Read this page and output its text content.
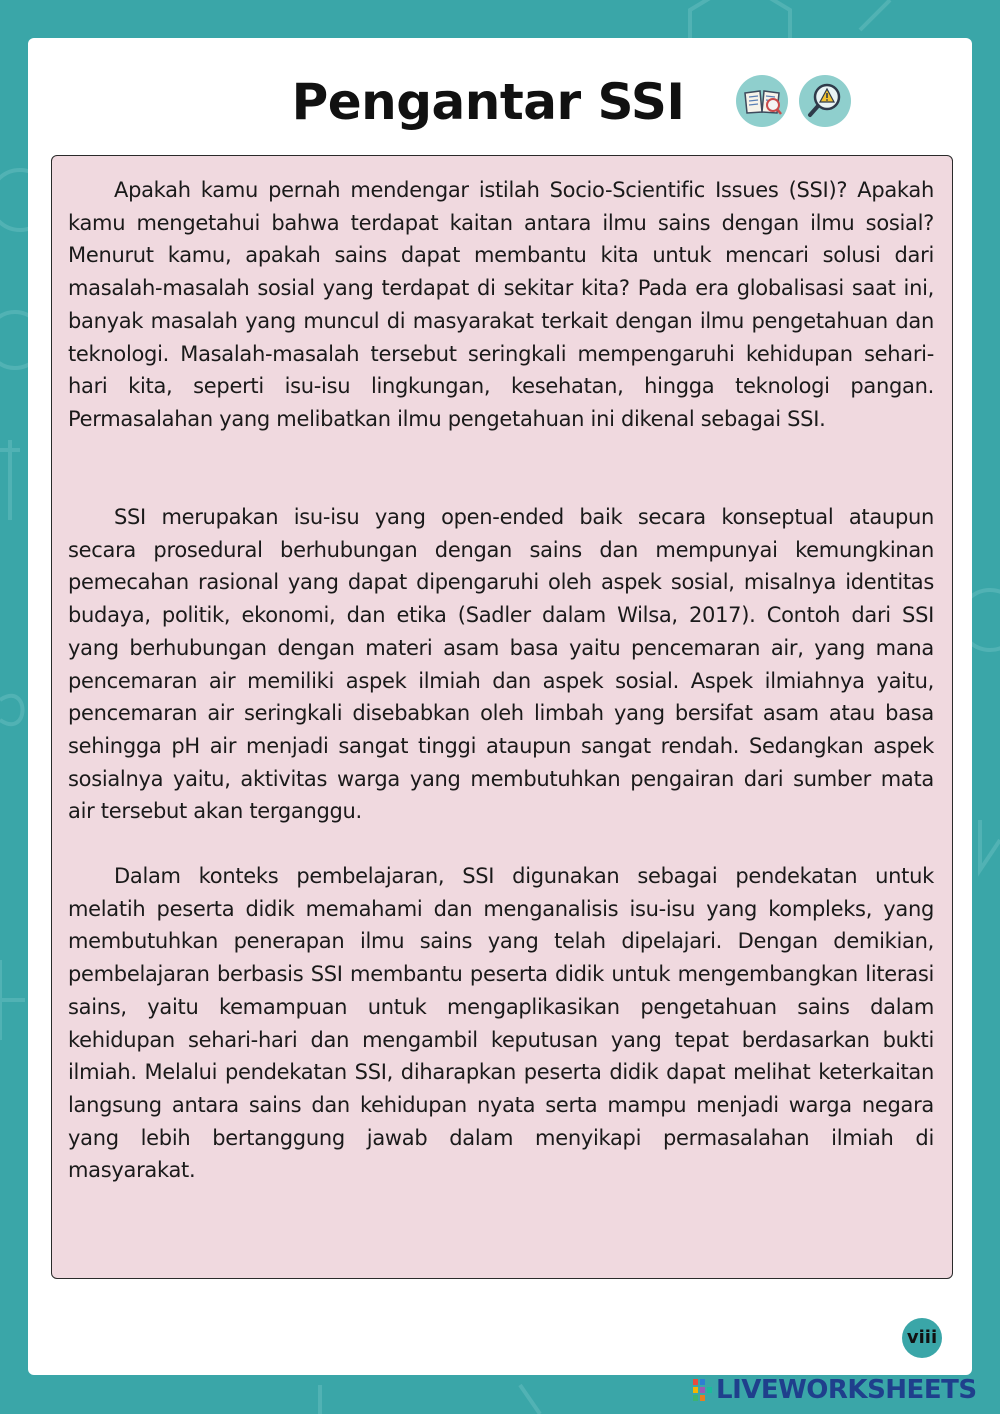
Pengantar SSI

Apakah kamu pernah mendengar istilah Socio-Scientific Issues (SSI)? Apakah kamu mengetahui bahwa terdapat kaitan antara ilmu sains dengan ilmu sosial? Menurut kamu, apakah sains dapat membantu kita untuk mencari solusi dari masalah-masalah sosial yang terdapat di sekitar kita? Pada era globalisasi saat ini, banyak masalah yang muncul di masyarakat terkait dengan ilmu pengetahuan dan teknologi. Masalah-masalah tersebut seringkali mempengaruhi kehidupan sehari-hari kita, seperti isu-isu lingkungan, kesehatan, hingga teknologi pangan. Permasalahan yang melibatkan ilmu pengetahuan ini dikenal sebagai SSI.

SSI merupakan isu-isu yang open-ended baik secara konseptual ataupun secara prosedural berhubungan dengan sains dan mempunyai kemungkinan pemecahan rasional yang dapat dipengaruhi oleh aspek sosial, misalnya identitas budaya, politik, ekonomi, dan etika (Sadler dalam Wilsa, 2017). Contoh dari SSI yang berhubungan dengan materi asam basa yaitu pencemaran air, yang mana pencemaran air memiliki aspek ilmiah dan aspek sosial. Aspek ilmiahnya yaitu, pencemaran air seringkali disebabkan oleh limbah yang bersifat asam atau basa sehingga pH air menjadi sangat tinggi ataupun sangat rendah. Sedangkan aspek sosialnya yaitu, aktivitas warga yang membutuhkan pengairan dari sumber mata air tersebut akan terganggu.

Dalam konteks pembelajaran, SSI digunakan sebagai pendekatan untuk melatih peserta didik memahami dan menganalisis isu-isu yang kompleks, yang membutuhkan penerapan ilmu sains yang telah dipelajari. Dengan demikian, pembelajaran berbasis SSI membantu peserta didik untuk mengembangkan literasi sains, yaitu kemampuan untuk mengaplikasikan pengetahuan sains dalam kehidupan sehari-hari dan mengambil keputusan yang tepat berdasarkan bukti ilmiah. Melalui pendekatan SSI, diharapkan peserta didik dapat melihat keterkaitan langsung antara sains dan kehidupan nyata serta mampu menjadi warga negara yang lebih bertanggung jawab dalam menyikapi permasalahan ilmiah di masyarakat.

viii
LIVEWORKSHEETS
